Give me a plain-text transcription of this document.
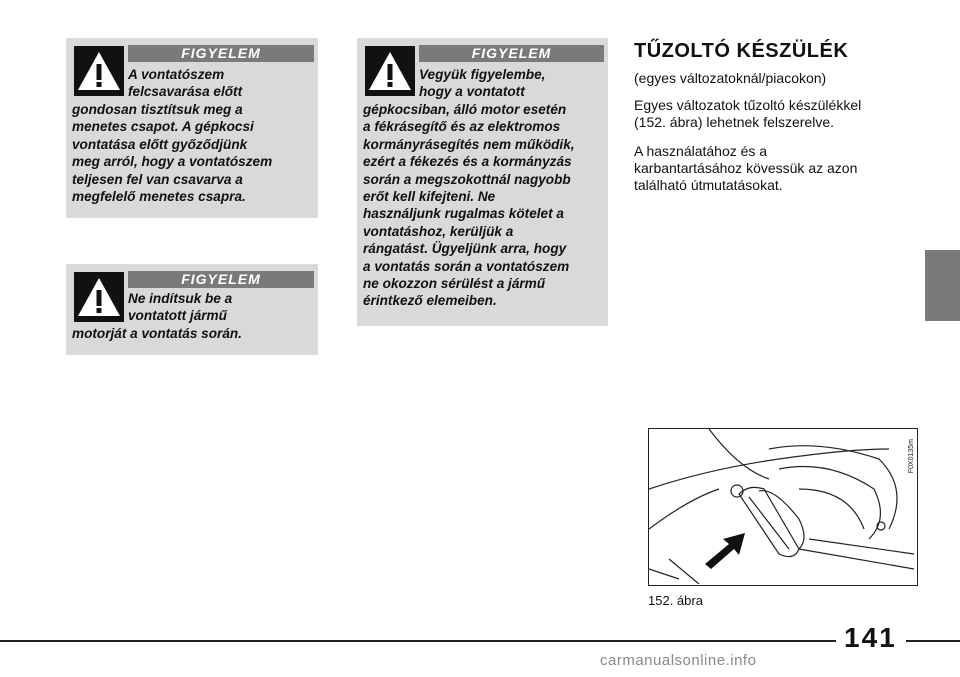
FIGYELEM
A vontatószem
felcsavarása előtt
gondosan tisztítsuk meg a
menetes csapot. A gépkocsi
vontatása előtt győződjünk
meg arról, hogy a vontatószem
teljesen fel van csavarva a
megfelelő menetes csapra.
FIGYELEM
Ne indítsuk be a
vontatott jármű
motorját a vontatás során.
FIGYELEM
Vegyük figyelembe,
hogy a vontatott
gépkocsiban, álló motor esetén
a fékrásegítő és az elektromos
kormányrásegítés nem működik,
ezért a fékezés és a kormányzás
során a megszokottnál nagyobb
erőt kell kifejteni. Ne
használjunk rugalmas kötelet a
vontatáshoz, kerüljük a
rángatást. Ügyeljünk arra, hogy
a vontatás során a vontatószem
ne okozzon sérülést a jármű
érintkező elemeiben.
TŰZOLTÓ KÉSZÜLÉK

(egyes változatoknál/piacokon)

Egyes változatok tűzoltó készülékkel
(152. ábra) lehetnek felszerelve.

A használatához és a
karbantartásához kövessük az azon
található útmutatásokat.

F0X0135m
152. ábra
141
carmanualsonline.info
